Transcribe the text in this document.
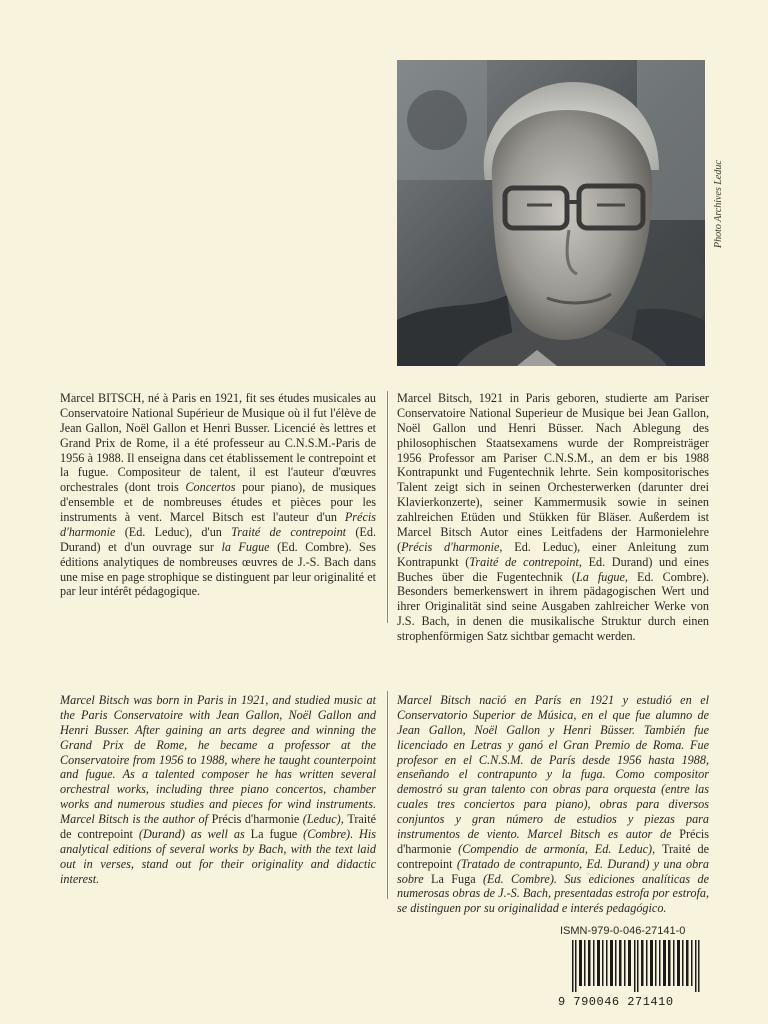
Photo Archives Leduc
Marcel BITSCH, né à Paris en 1921, fit ses études musicales au Conservatoire National Supérieur de Musique où il fut l'élève de Jean Gallon, Noël Gallon et Henri Busser. Licencié ès lettres et Grand Prix de Rome, il a été professeur au C.N.S.M.-Paris de 1956 à 1988. Il enseigna dans cet établissement le contrepoint et la fugue. Compositeur de talent, il est l'auteur d'œuvres orchestrales (dont trois Concertos pour piano), de musiques d'ensemble et de nombreuses études et pièces pour les instruments à vent. Marcel Bitsch est l'auteur d'un Précis d'harmonie (Ed. Leduc), d'un Traité de contrepoint (Ed. Durand) et d'un ouvrage sur la Fugue (Ed. Combre). Ses éditions analytiques de nombreuses œuvres de J.-S. Bach dans une mise en page strophique se distinguent par leur originalité et par leur intérêt pédagogique.
Marcel Bitsch, 1921 in Paris geboren, studierte am Pariser Conservatoire National Superieur de Musique bei Jean Gallon, Noël Gallon und Henri Büsser. Nach Ablegung des philosophischen Staatsexamens wurde der Rompreisträger 1956 Professor am Pariser C.N.S.M., an dem er bis 1988 Kontrapunkt und Fugentechnik lehrte. Sein kompositorisches Talent zeigt sich in seinen Orchesterwerken (darunter drei Klavierkonzerte), seiner Kammermusik sowie in seinen zahlreichen Etüden und Stükken für Bläser. Außerdem ist Marcel Bitsch Autor eines Leitfadens der Harmonielehre (Précis d'harmonie, Ed. Leduc), einer Anleitung zum Kontrapunkt (Traité de contrepoint, Ed. Durand) und eines Buches über die Fugentechnik (La fugue, Ed. Combre). Besonders bemerkenswert in ihrem pädagogischen Wert und ihrer Originalität sind seine Ausgaben zahlreicher Werke von J.S. Bach, in denen die musikalische Struktur durch einen strophenförmigen Satz sichtbar gemacht werden.
Marcel Bitsch was born in Paris in 1921, and studied music at the Paris Conservatoire with Jean Gallon, Noël Gallon and Henri Busser. After gaining an arts degree and winning the Grand Prix de Rome, he became a professor at the Conservatoire from 1956 to 1988, where he taught counterpoint and fugue. As a talented composer he has written several orchestral works, including three piano concertos, chamber works and numerous studies and pieces for wind instruments. Marcel Bitsch is the author of Précis d'harmonie (Leduc), Traité de contrepoint (Durand) as well as La fugue (Combre). His analytical editions of several works by Bach, with the text laid out in verses, stand out for their originality and didactic interest.
Marcel Bitsch nació en París en 1921 y estudió en el Conservatorio Superior de Música, en el que fue alumno de Jean Gallon, Noël Gallon y Henri Büsser. También fue licenciado en Letras y ganó el Gran Premio de Roma. Fue profesor en el C.N.S.M. de París desde 1956 hasta 1988, enseñando el contrapunto y la fuga. Como compositor demostró su gran talento con obras para orquesta (entre las cuales tres conciertos para piano), obras para diversos conjuntos y gran número de estudios y piezas para instrumentos de viento. Marcel Bitsch es autor de Précis d'harmonie (Compendio de armonía, Ed. Leduc), Traité de contrepoint (Tratado de contrapunto, Ed. Durand) y una obra sobre La Fuga (Ed. Combre). Sus ediciones analíticas de numerosas obras de J.-S. Bach, presentadas estrofa por estrofa, se distinguen por su originalidad e interés pedagógico.
ISMN-979-0-046-27141-0
9 790046 271410
